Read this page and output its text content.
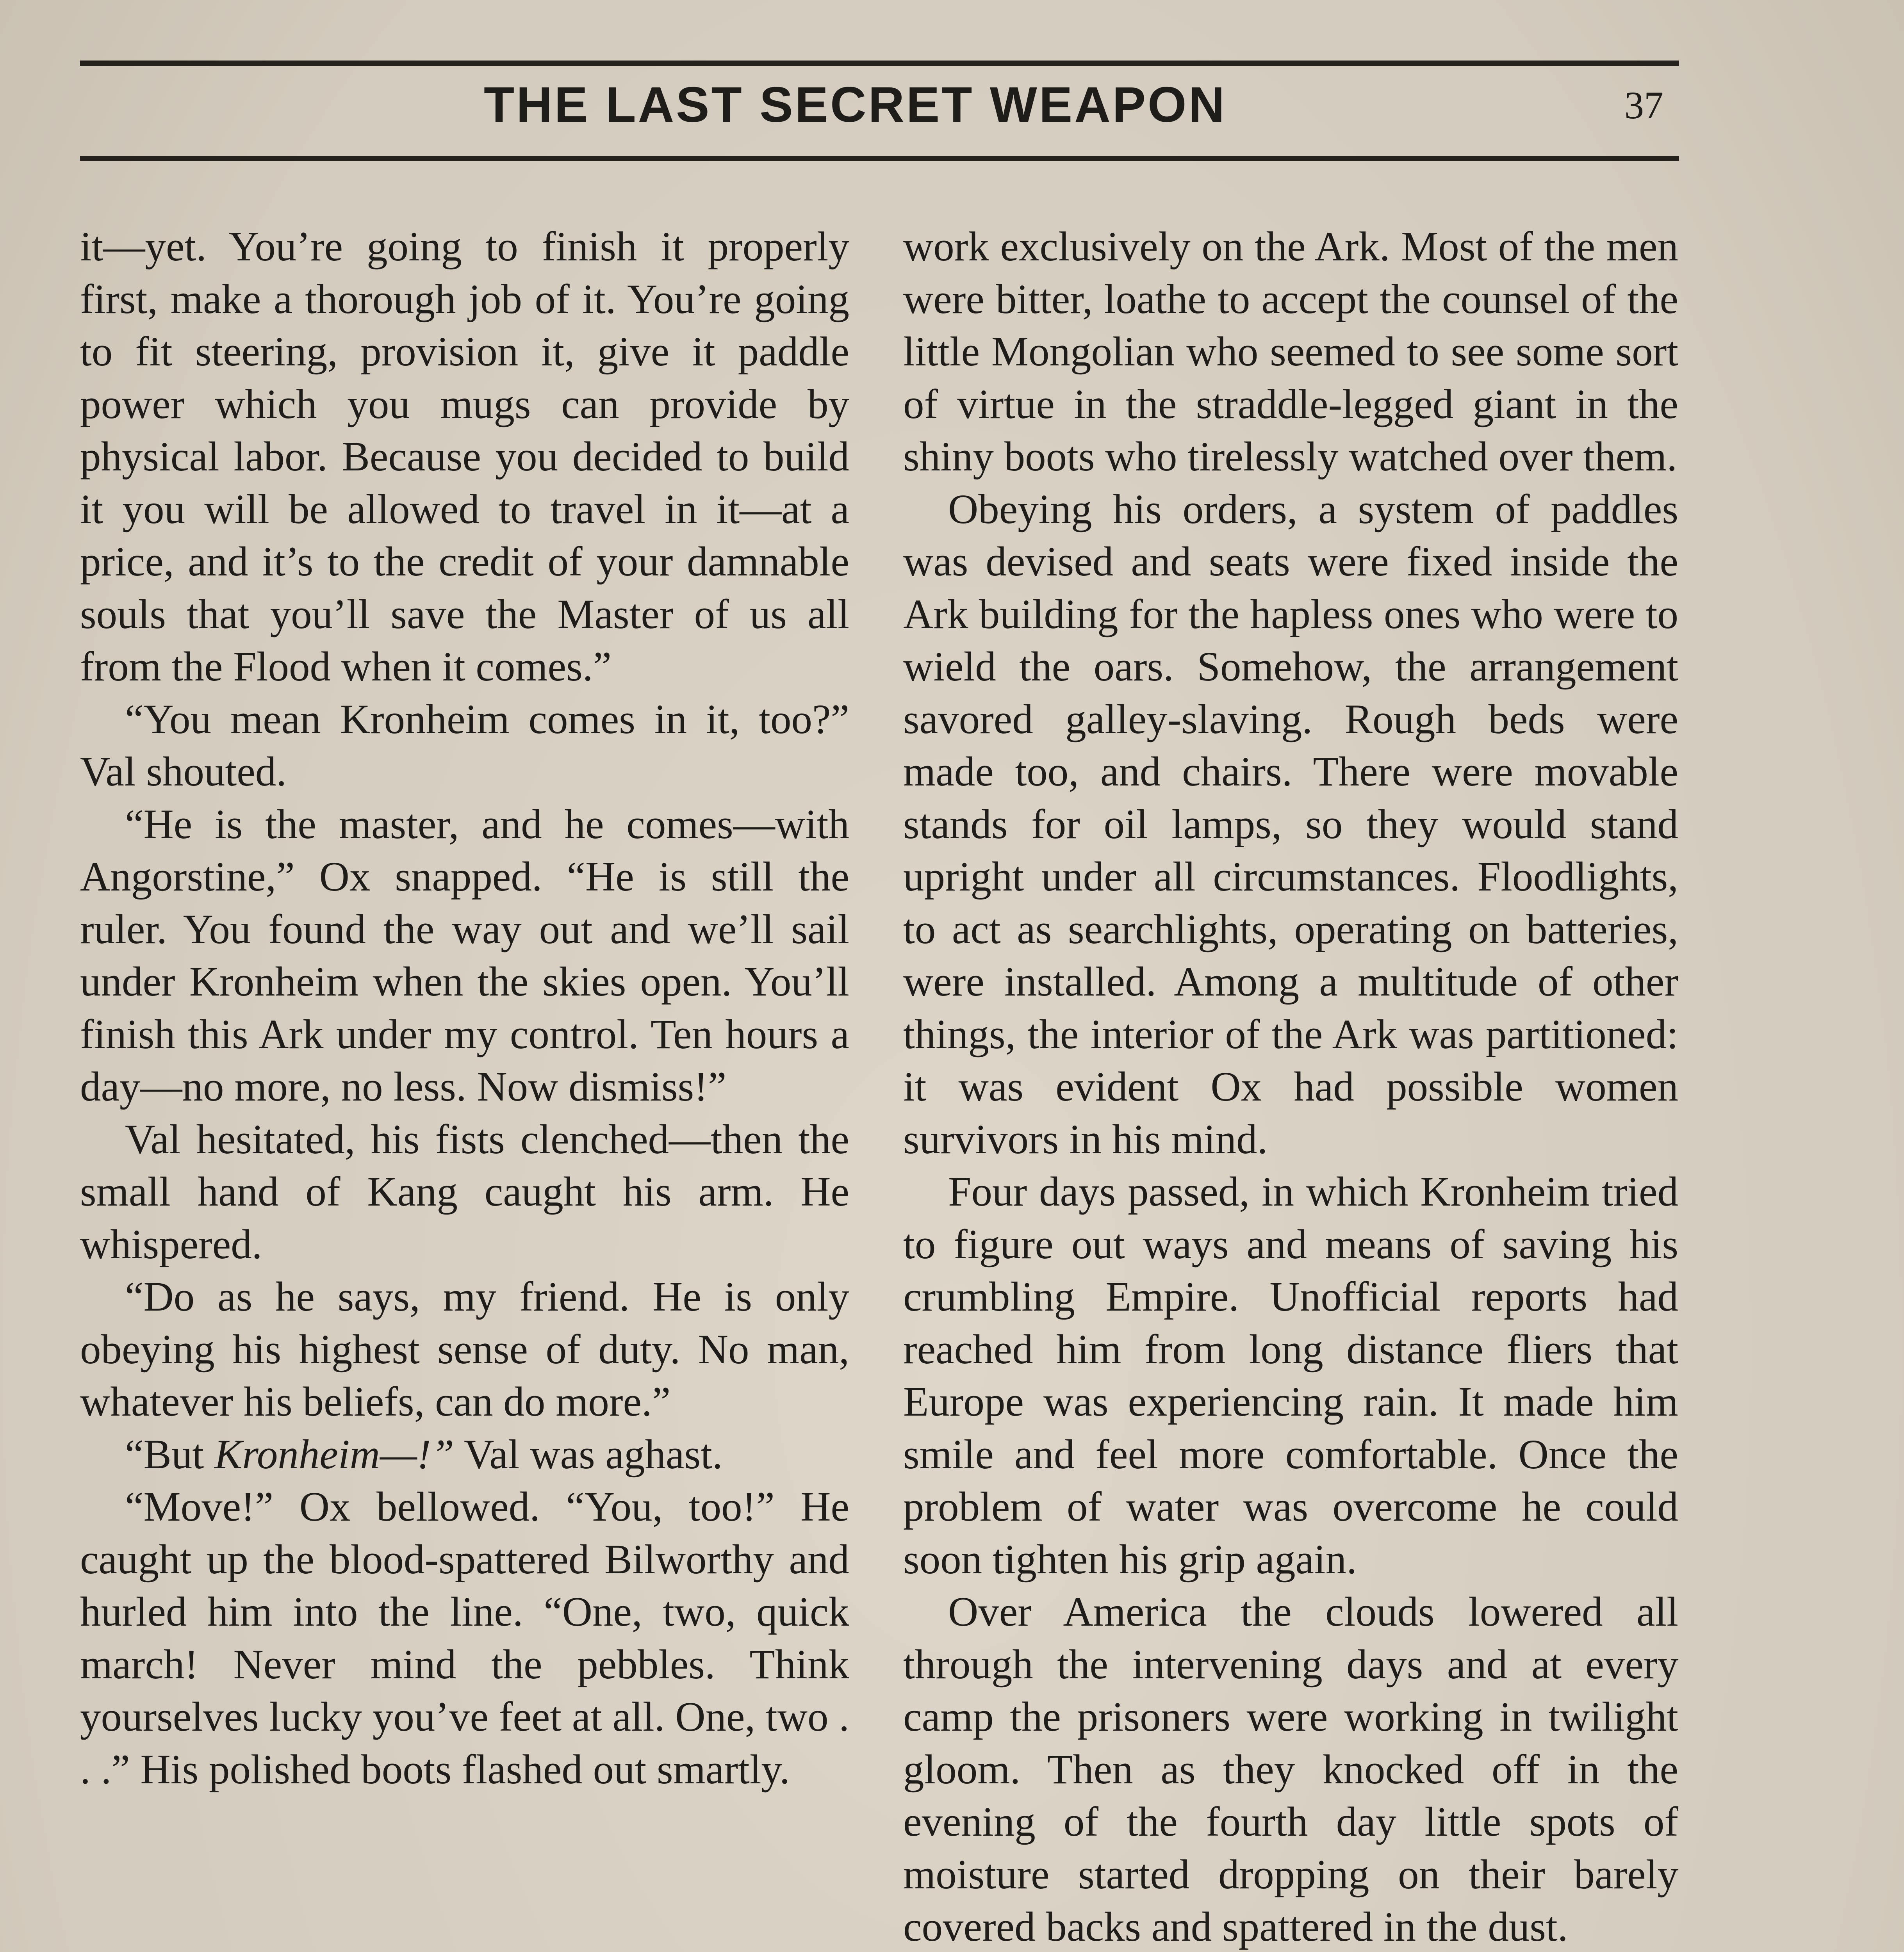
THE LAST SECRET WEAPON	37

it—yet. You’re going to finish it properly first, make a thorough job of it. You’re going to fit steering, provision it, give it paddle power which you mugs can provide by physical labor. Because you decided to build it you will be allowed to travel in it—at a price, and it’s to the credit of your damnable souls that you’ll save the Master of us all from the Flood when it comes.”

“You mean Kronheim comes in it, too?” Val shouted.

“He is the master, and he comes—with Angorstine,” Ox snapped. “He is still the ruler. You found the way out and we’ll sail under Kronheim when the skies open. You’ll finish this Ark under my control. Ten hours a day—no more, no less. Now dismiss!”

Val hesitated, his fists clenched—then the small hand of Kang caught his arm. He whispered.

“Do as he says, my friend. He is only obeying his highest sense of duty. No man, whatever his beliefs, can do more.”

“But Kronheim—!” Val was aghast.

“Move!” Ox bellowed. “You, too!” He caught up the blood-spattered Bilworthy and hurled him into the line. “One, two, quick march! Never mind the pebbles. Think yourselves lucky you’ve feet at all. One, two . . .” His polished boots flashed out smartly.

work exclusively on the Ark. Most of the men were bitter, loathe to accept the counsel of the little Mongolian who seemed to see some sort of virtue in the straddle-legged giant in the shiny boots who tirelessly watched over them.

Obeying his orders, a system of paddles was devised and seats were fixed inside the Ark building for the hapless ones who were to wield the oars. Somehow, the arrangement savored galley-slaving. Rough beds were made too, and chairs. There were movable stands for oil lamps, so they would stand upright under all circumstances. Floodlights, to act as searchlights, operating on batteries, were installed. Among a multitude of other things, the interior of the Ark was partitioned: it was evident Ox had possible women survivors in his mind.

Four days passed, in which Kronheim tried to figure out ways and means of saving his crumbling Empire. Unofficial reports had reached him from long distance fliers that Europe was experiencing rain. It made him smile and feel more comfortable. Once the problem of water was overcome he could soon tighten his grip again.

Over America the clouds lowered all through the intervening days and at every camp the prisoners were working in twilight gloom. Then as they knocked off in the evening of the fourth day little spots of moisture started dropping on their barely covered backs and spattered in the dust.
